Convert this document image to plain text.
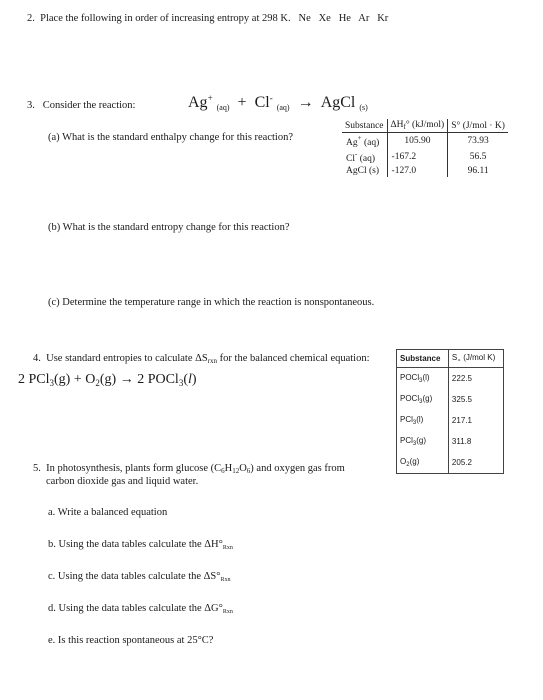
2. Place the following in order of increasing entropy at 298 K. Ne   Xe   He   Ar   Kr
3. Consider the reaction:	Ag+ $_{(aq)}$ + Cl- $_{(aq)}$ → AgCl $_{(s)}$
(a) What is the standard enthalpy change for this reaction?
Substance	$\Delta H_f^\circ$ (kJ/mol)	S° (J/mol · K)
Ag+ (aq)	105.90	73.93
Cl- (aq)	-167.2	56.5
AgCl (s)	-127.0	96.11
(b) What is the standard entropy change for this reaction?
(c) Determine the temperature range in which the reaction is nonspontaneous.
4. Use standard entropies to calculate $\Delta S_{rxn}$ for the balanced chemical equation:
2 $PCl_3(g) + O_2(g) \to 2$ POCl$_3$(l)
Substance	$S_\circ$ (J/mol K)
POCl$_3$(l)	222.5
POCl$_3$(g)	325.5
PCl$_3$(l)	217.1
PCl$_3$(g)	311.8
$O_2(g)$	205.2
5. In photosynthesis, plants form glucose (C6H12O6) and oxygen gas from
carbon dioxide gas and liquid water.
a. Write a balanced equation
b. Using the data tables calculate the ΔH°Rxn
c. Using the data tables calculate the ΔS°Rxn
d. Using the data tables calculate the ΔG°Rxn
e. Is this reaction spontaneous at 25°C?
